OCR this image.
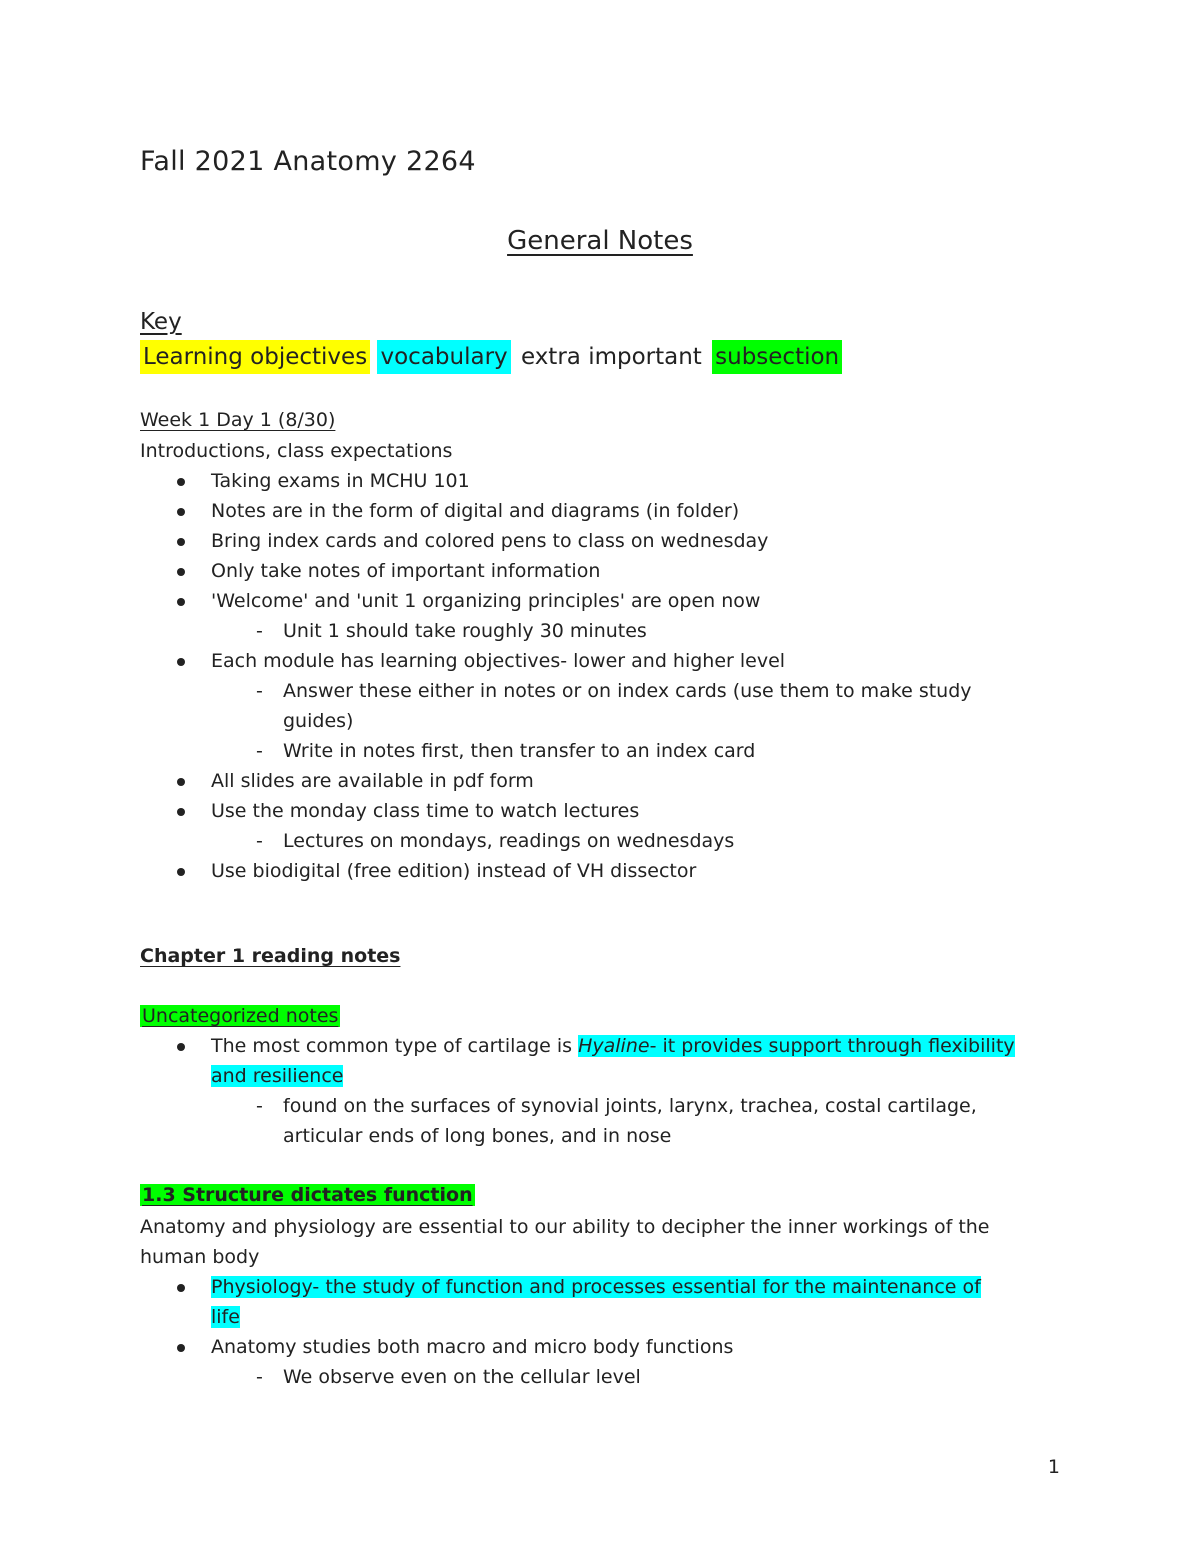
Fall 2021 Anatomy 2264
General Notes
Key
Learning objectives vocabulary extra important subsection
Week 1 Day 1 (8/30)
Introductions, class expectations
Taking exams in MCHU 101
Notes are in the form of digital and diagrams (in folder)
Bring index cards and colored pens to class on wednesday
Only take notes of important information
'Welcome' and 'unit 1 organizing principles' are open now
- Unit 1 should take roughly 30 minutes
Each module has learning objectives- lower and higher level
- Answer these either in notes or on index cards (use them to make study
guides)
- Write in notes first, then transfer to an index card
All slides are available in pdf form
Use the monday class time to watch lectures
- Lectures on mondays, readings on wednesdays
Use biodigital (free edition) instead of VH dissector
Chapter 1 reading notes
Uncategorized notes
The most common type of cartilage is Hyaline- it provides support through flexibility
and resilience
- found on the surfaces of synovial joints, larynx, trachea, costal cartilage,
articular ends of long bones, and in nose
1.3 Structure dictates function
Anatomy and physiology are essential to our ability to decipher the inner workings of the
human body
Physiology- the study of function and processes essential for the maintenance of
life
Anatomy studies both macro and micro body functions
- We observe even on the cellular level
1
